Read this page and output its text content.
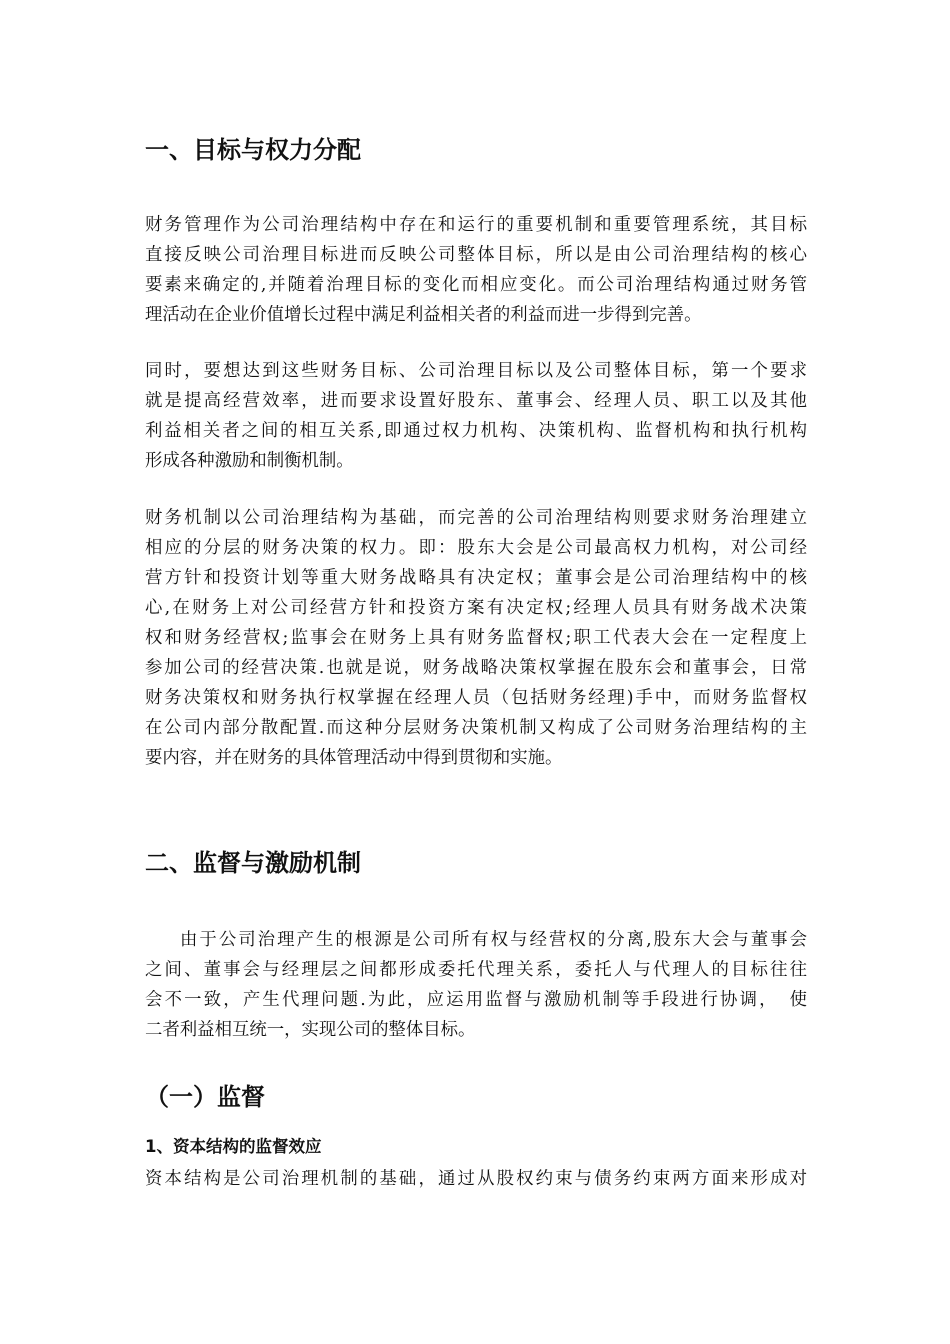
一、目标与权力分配
财务管理作为公司治理结构中存在和运行的重要机制和重要管理系统，其目标
直接反映公司治理目标进而反映公司整体目标，所以是由公司治理结构的核心
要素来确定的,并随着治理目标的变化而相应变化。而公司治理结构通过财务管
理活动在企业价值增长过程中满足利益相关者的利益而进一步得到完善。
同时，要想达到这些财务目标、公司治理目标以及公司整体目标，第一个要求
就是提高经营效率，进而要求设置好股东、董事会、经理人员、职工以及其他
利益相关者之间的相互关系,即通过权力机构、决策机构、监督机构和执行机构
形成各种激励和制衡机制。
财务机制以公司治理结构为基础，而完善的公司治理结构则要求财务治理建立
相应的分层的财务决策的权力。即：股东大会是公司最高权力机构，对公司经
营方针和投资计划等重大财务战略具有决定权；董事会是公司治理结构中的核
心,在财务上对公司经营方针和投资方案有决定权;经理人员具有财务战术决策
权和财务经营权;监事会在财务上具有财务监督权;职工代表大会在一定程度上
参加公司的经营决策.也就是说，财务战略决策权掌握在股东会和董事会，日常
财务决策权和财务执行权掌握在经理人员（包括财务经理)手中，而财务监督权
在公司内部分散配置.而这种分层财务决策机制又构成了公司财务治理结构的主
要内容，并在财务的具体管理活动中得到贯彻和实施。
二、监督与激励机制
由于公司治理产生的根源是公司所有权与经营权的分离,股东大会与董事会
之间、董事会与经理层之间都形成委托代理关系，委托人与代理人的目标往往
会不一致，产生代理问题.为此，应运用监督与激励机制等手段进行协调，　使
二者利益相互统一，实现公司的整体目标。
（一）监督
1、资本结构的监督效应
资本结构是公司治理机制的基础，通过从股权约束与债务约束两方面来形成对
